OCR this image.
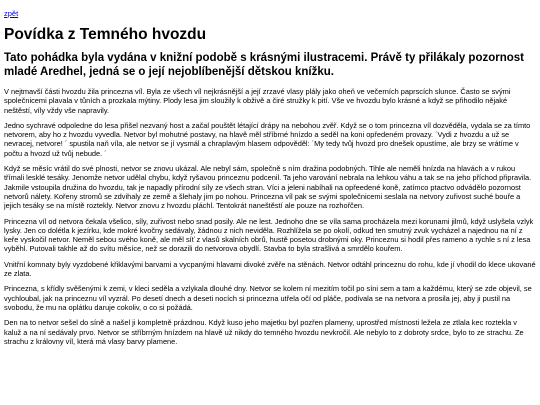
zpět
Povídka z Temného hvozdu

Tato pohádka byla vydána v knižní podobě s krásnými ilustracemi. Právě ty přilákaly pozornost mladé Aredhel, jedná se o její nejoblíbenější dětskou knížku.

V nejtmavší části hvozdu žila princezna víl. Byla ze všech víl nejkrásnější a její zrzavé vlasy plály jako oheň ve večerních paprscích slunce. Často se svými společnicemi plavala v tůních a prozkala mýtiny. Plody lesa jim sloužily k obživě a čiré stružky k pití. Vše ve hvozdu bylo krásné a když se přihodilo nějaké neštěstí, víly vždy vše napravily.

Jedno sychravé odpoledne do lesa přišel nezvaný host a začal pouštět létající drápy na nebohou zvěř. Když se o tom princezna víl dozvěděla, vydala se za tímto netvorem, aby ho z hvozdu vyvedla. Netvor byl mohutné postavy, na hlavě měl stříbrné hnízdo a seděl na koni opředeném provazy. ´Vydi z hvozdu a už se nevracej, netvore! ´ spustila naň víla, ale netvor se jí vysmál a chraplavým hlasem odpověděl: ´My tedy tvůj hvozd pro dnešek opustíme, ale brzy se vrátíme v počtu a hvozd už tvůj nebude. ´

Když se měsíc vrátil do své plnosti, netvor se znovu ukázal. Ale nebyl sám, společně s ním dražina podobných. Tihle ale neměli hnízda na hlavách a v rukou třímali lesklé tesáky. Jenomže netvor udělal chybu, když ryšavou princeznu podcenil. Ta jeho varování nebrala na lehkou váhu a tak se na jeho příchod připravila. Jakmile vstoupila družina do hvozdu, tak je napadly přírodní síly ze všech stran. Víci a jeleni nabíhali na opřeedené koně, zatímco ptactvo odvádělo pozornost netvorů nálety. Kořeny stromů se zdvihaly ze země a šlehaly jim po nohou. Princezna víl pak se svými společnicemi seslala na netvory zuřivost suché bouře a jejich tesáky se na místě roztekly. Netvor znovu z hvozdu pláchl. Tentokrát naneštěstí ale pouze na rozhořčen.

Princezna víl od netvora čekala všelico, síly, zuřivost nebo snad posily. Ale ne lest. Jednoho dne se víla sama procházela mezi korunami jilmů, když uslyšela vzlyk lysky. Jen co dolétla k jezírku, kde mokré kvočny sedávaly, žádnou z nich neviděla. Rozhlížela se po okolí, odkud ten smutný zvuk vycházel a najednou na ní z keře vyskočil netvor. Neměl sebou svého koně, ale měl síť z vlasů skalních obrů, hustě posetou drobnými oky. Princeznu si hodil přes rameno a rychle s ní z lesa vyběhl. Putovali takhle až do svítu měsíce, než se dorazili do netvorova obydlí. Stavba to byla strašlivá a smrdělo kouřem.

Vnitřní komnaty byly vyzdobené křiklavými barvami a vycpanými hlavami divoké zvěře na stěnách. Netvor odtáhl princeznu do rohu, kde jí vhodil do klece ukované ze zlata.

Princezna, s křídly svěšenými k zemi, v kleci seděla a vzlykala dlouhé dny. Netvor se kolem ní mezitím točil po síni sem a tam a každému, který se zde objevil, se vychloubal, jak na princeznu víl vyzrál. Po desetí dnech a deseti nocích si princezna utřela očí od pláče, podívala se na netvora a prosila jej, aby ji pustil na svobodu, že mu na oplátku daruje cokoliv, o co si požádá.

Den na to netvor sešel do síně a našel ji kompletně prázdnou. Když kuso jeho majetku byl pozřen plameny, uprostřed místnosti ležela ze ztlala kec roztekla v kaluž a na ní sedávaly prvo. Netvor se stříbrným hnízdem na hlavě už nikdy do temného hvozdu nevkročil. Ale nebylo to z dobroty srdce, bylo to ze strachu. Ze strachu z královny víl, která má vlasy barvy plamene.
